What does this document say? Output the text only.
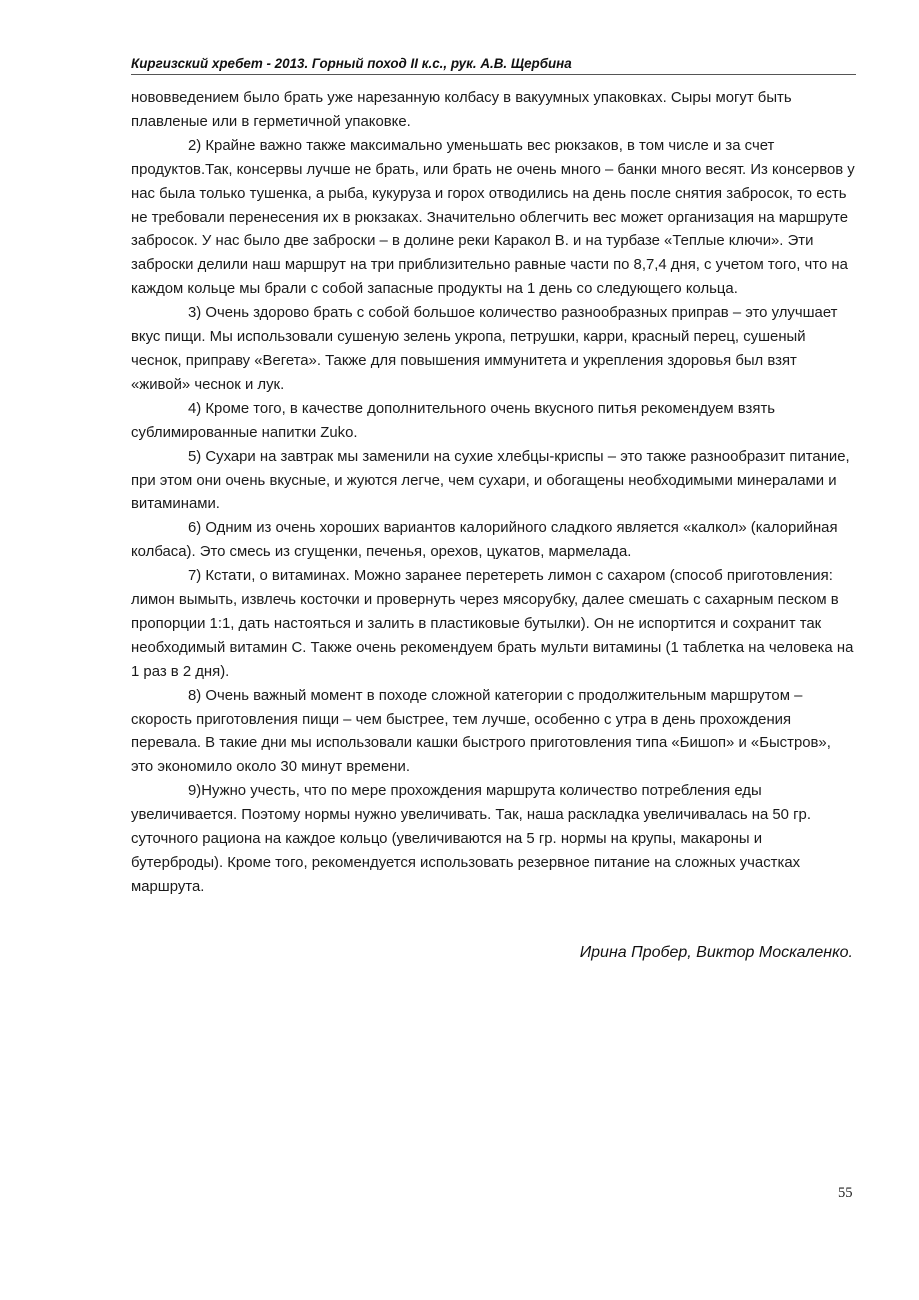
Киргизский хребет - 2013. Горный поход II к.с., рук. А.В. Щербина

нововведением было брать уже нарезанную колбасу в вакуумных упаковках. Сыры могут быть плавленые или в герметичной упаковке.

2) Крайне важно также максимально уменьшать вес рюкзаков, в том числе и за счет продуктов.Так, консервы лучше не брать, или брать не очень много – банки много весят. Из консервов у нас была только тушенка, а рыба, кукуруза и горох отводились на день после снятия забросок, то есть не требовали перенесения их в рюкзаках. Значительно облегчить вес может организация на маршруте забросок. У нас было две заброски – в долине реки Каракол В. и на турбазе «Теплые ключи». Эти заброски делили наш маршрут на три приблизительно равные части по 8,7,4 дня, с учетом того, что на каждом кольце мы брали с собой запасные продукты на 1 день со следующего кольца.

3) Очень здорово брать с собой большое количество разнообразных приправ – это улучшает вкус пищи. Мы использовали сушеную зелень укропа, петрушки, карри, красный перец, сушеный чеснок, приправу «Вегета». Также для повышения иммунитета и укрепления здоровья был взят «живой» чеснок и лук.

4) Кроме того, в качестве дополнительного очень вкусного питья рекомендуем взять сублимированные напитки Zuko.

5) Сухари на завтрак мы заменили на сухие хлебцы-криспы – это также разнообразит питание, при этом они очень вкусные, и жуются легче, чем сухари, и обогащены необходимыми минералами и витаминами.

6) Одним из очень хороших вариантов калорийного сладкого является «калкол» (калорийная колбаса). Это смесь из сгущенки, печенья, орехов, цукатов, мармелада.

7) Кстати, о витаминах. Можно заранее перетереть лимон с сахаром (способ приготовления: лимон вымыть, извлечь косточки и провернуть через мясорубку, далее смешать с сахарным песком в пропорции 1:1, дать настояться и залить в пластиковые бутылки). Он не испортится и сохранит так необходимый витамин С. Также очень рекомендуем брать мульти витамины (1 таблетка на человека на 1 раз в 2 дня).

8) Очень важный момент в походе сложной категории с продолжительным маршрутом – скорость приготовления пищи – чем быстрее, тем лучше, особенно с утра в день прохождения перевала. В такие дни мы использовали кашки быстрого приготовления типа «Бишоп» и «Быстров», это экономило около 30 минут времени.

9)Нужно учесть, что по мере прохождения маршрута количество потребления еды увеличивается. Поэтому нормы нужно увеличивать. Так, наша раскладка увеличивалась на 50 гр. суточного рациона на каждое кольцо (увеличиваются на 5 гр. нормы на крупы, макароны и бутерброды). Кроме того, рекомендуется использовать резервное питание на сложных участках маршрута.

Ирина Пробер, Виктор Москаленко.
55
